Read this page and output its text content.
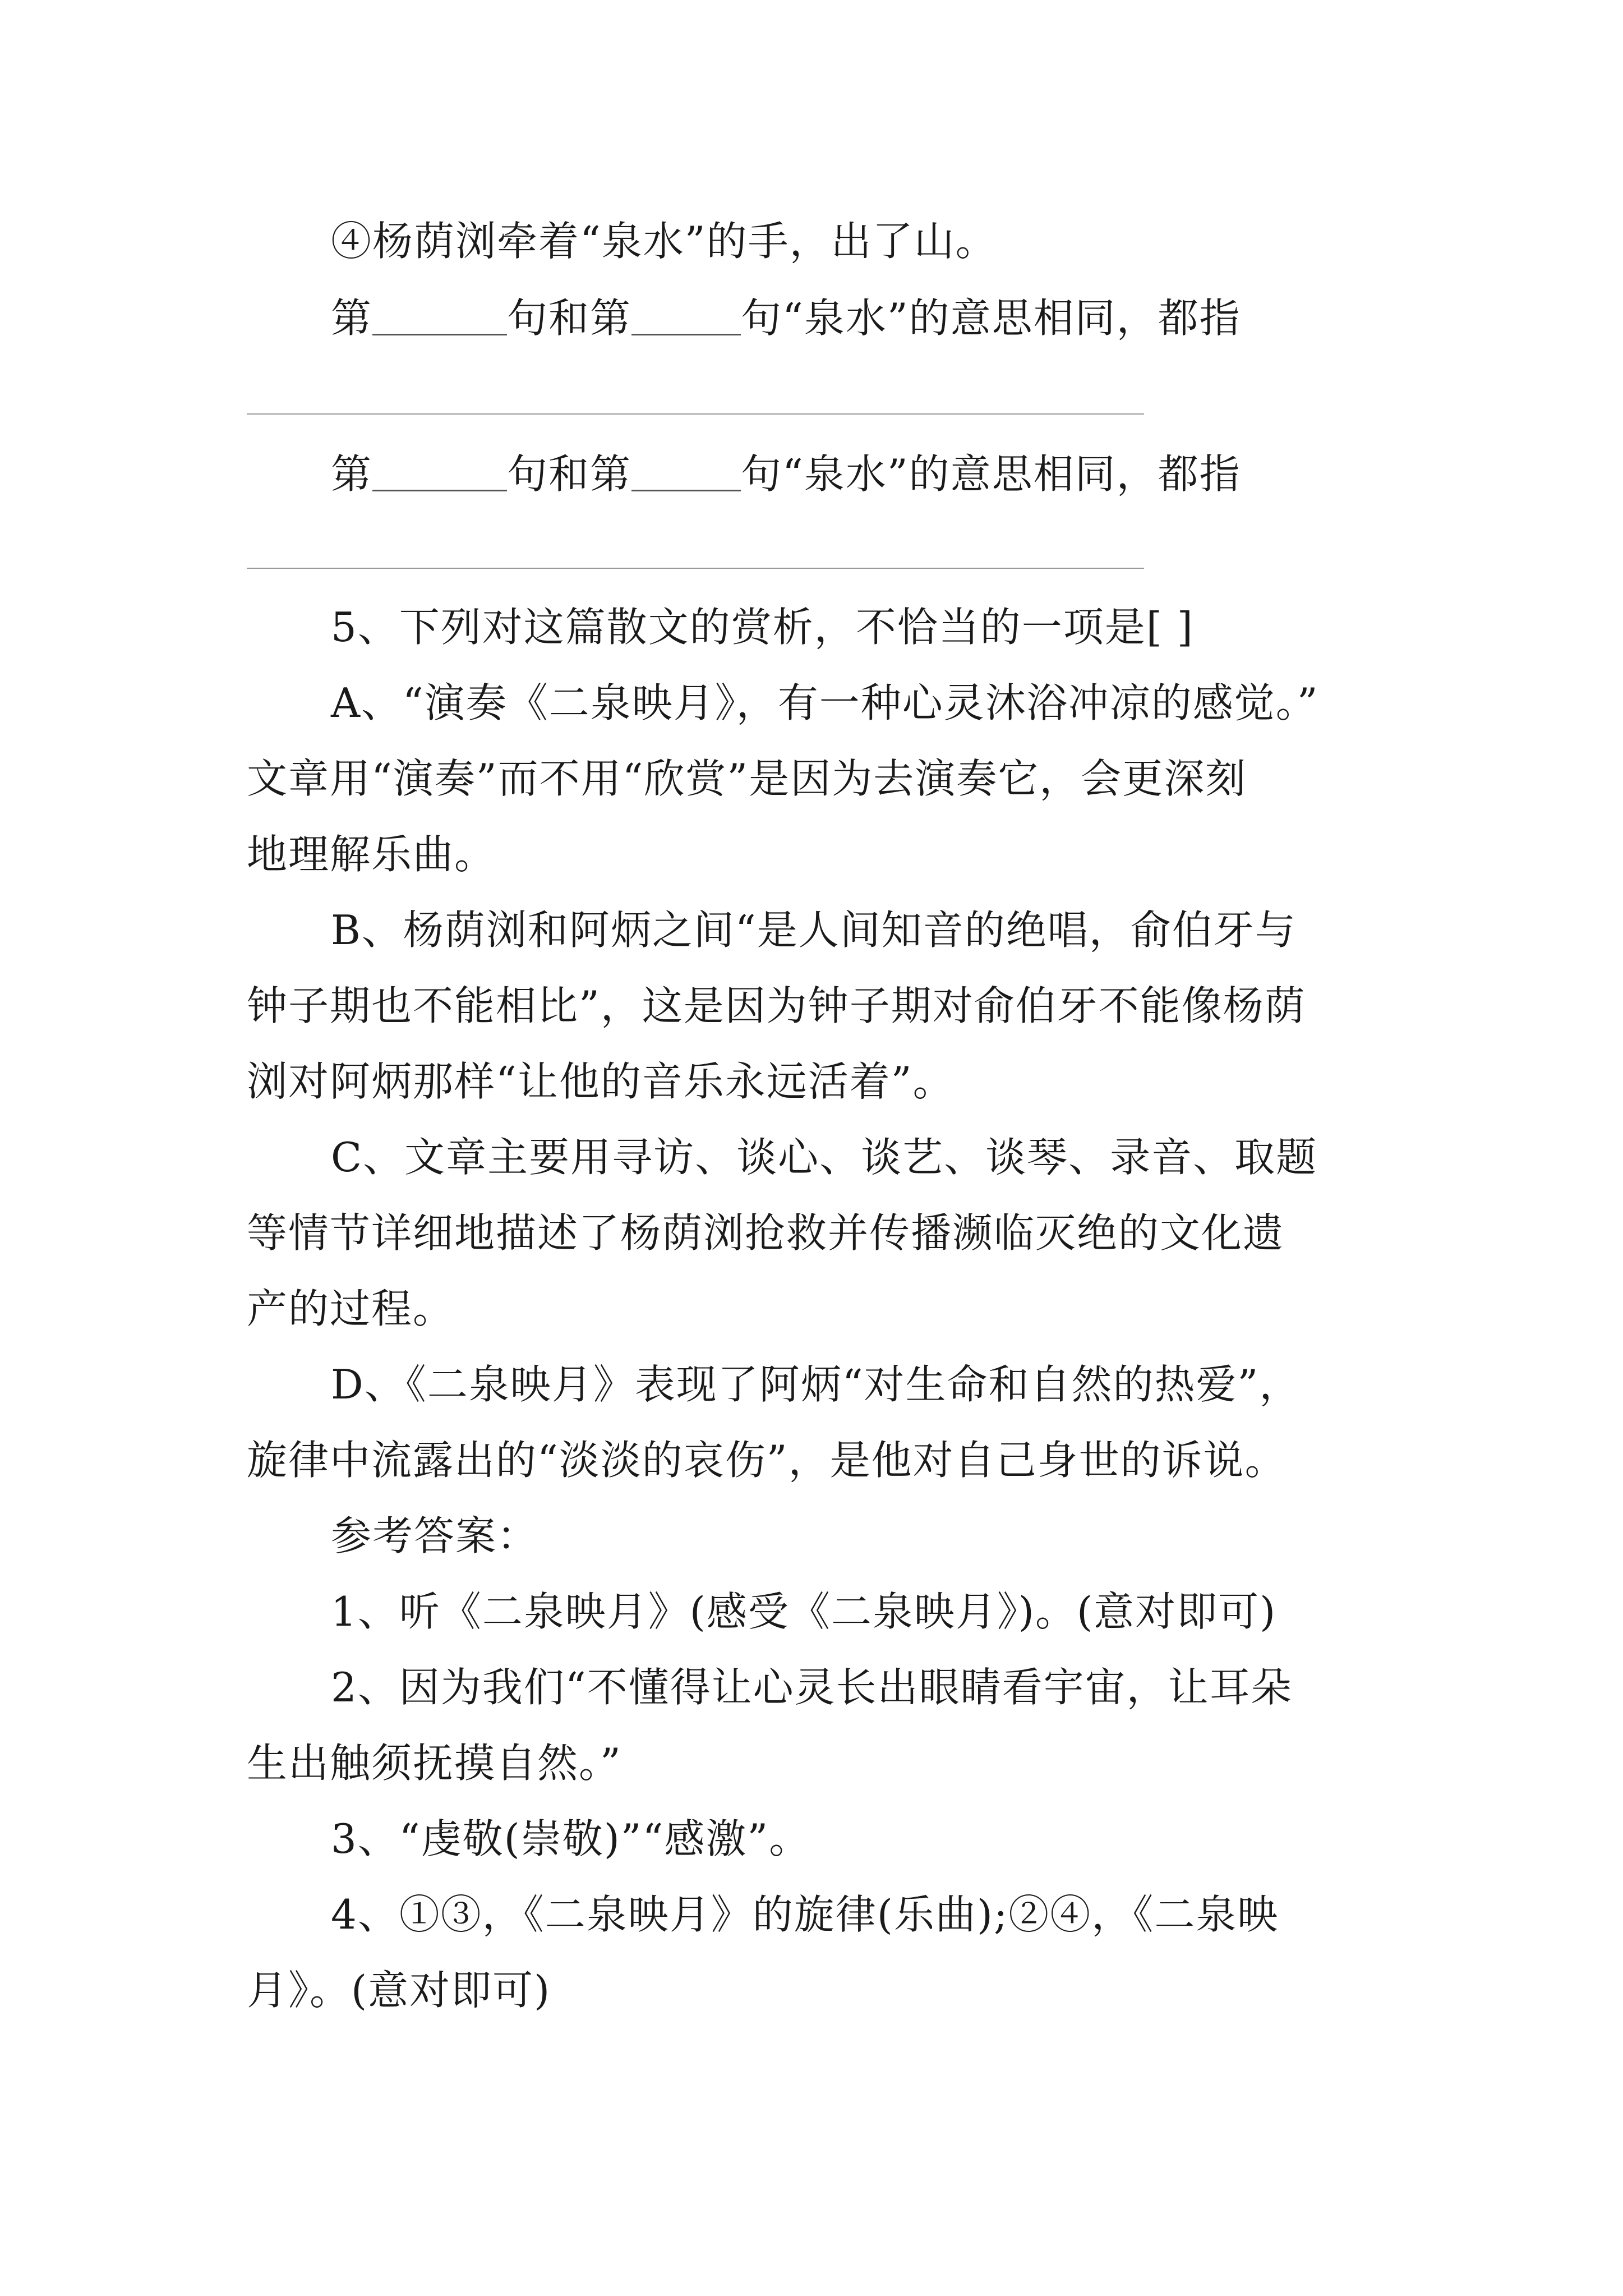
④杨荫浏牵着“泉水”的手，出了山。
第	句和第	句“泉水”的意思相同，都指
第	句和第	句“泉水”的意思相同，都指
5、下列对这篇散文的赏析，不恰当的一项是[ ]
A、“演奏《二泉映月》，有一种心灵沐浴冲凉的感觉。”
文章用“演奏”而不用“欣赏”是因为去演奏它，会更深刻
地理解乐曲。
B、杨荫浏和阿炳之间“是人间知音的绝唱，俞伯牙与
钟子期也不能相比”，这是因为钟子期对俞伯牙不能像杨荫
浏对阿炳那样“让他的音乐永远活着”。
C、文章主要用寻访、谈心、谈艺、谈琴、录音、取题
等情节详细地描述了杨荫浏抢救并传播濒临灭绝的文化遗
产的过程。
D、《二泉映月》表现了阿炳“对生命和自然的热爱”，
旋律中流露出的“淡淡的哀伤”，是他对自己身世的诉说。
参考答案：
1、听《二泉映月》(感受《二泉映月》)。(意对即可)
2、因为我们“不懂得让心灵长出眼睛看宇宙，让耳朵
生出触须抚摸自然。”
3、“虔敬(崇敬)”“感激”。
4、①③，《二泉映月》的旋律(乐曲);②④，《二泉映
月》。(意对即可)
